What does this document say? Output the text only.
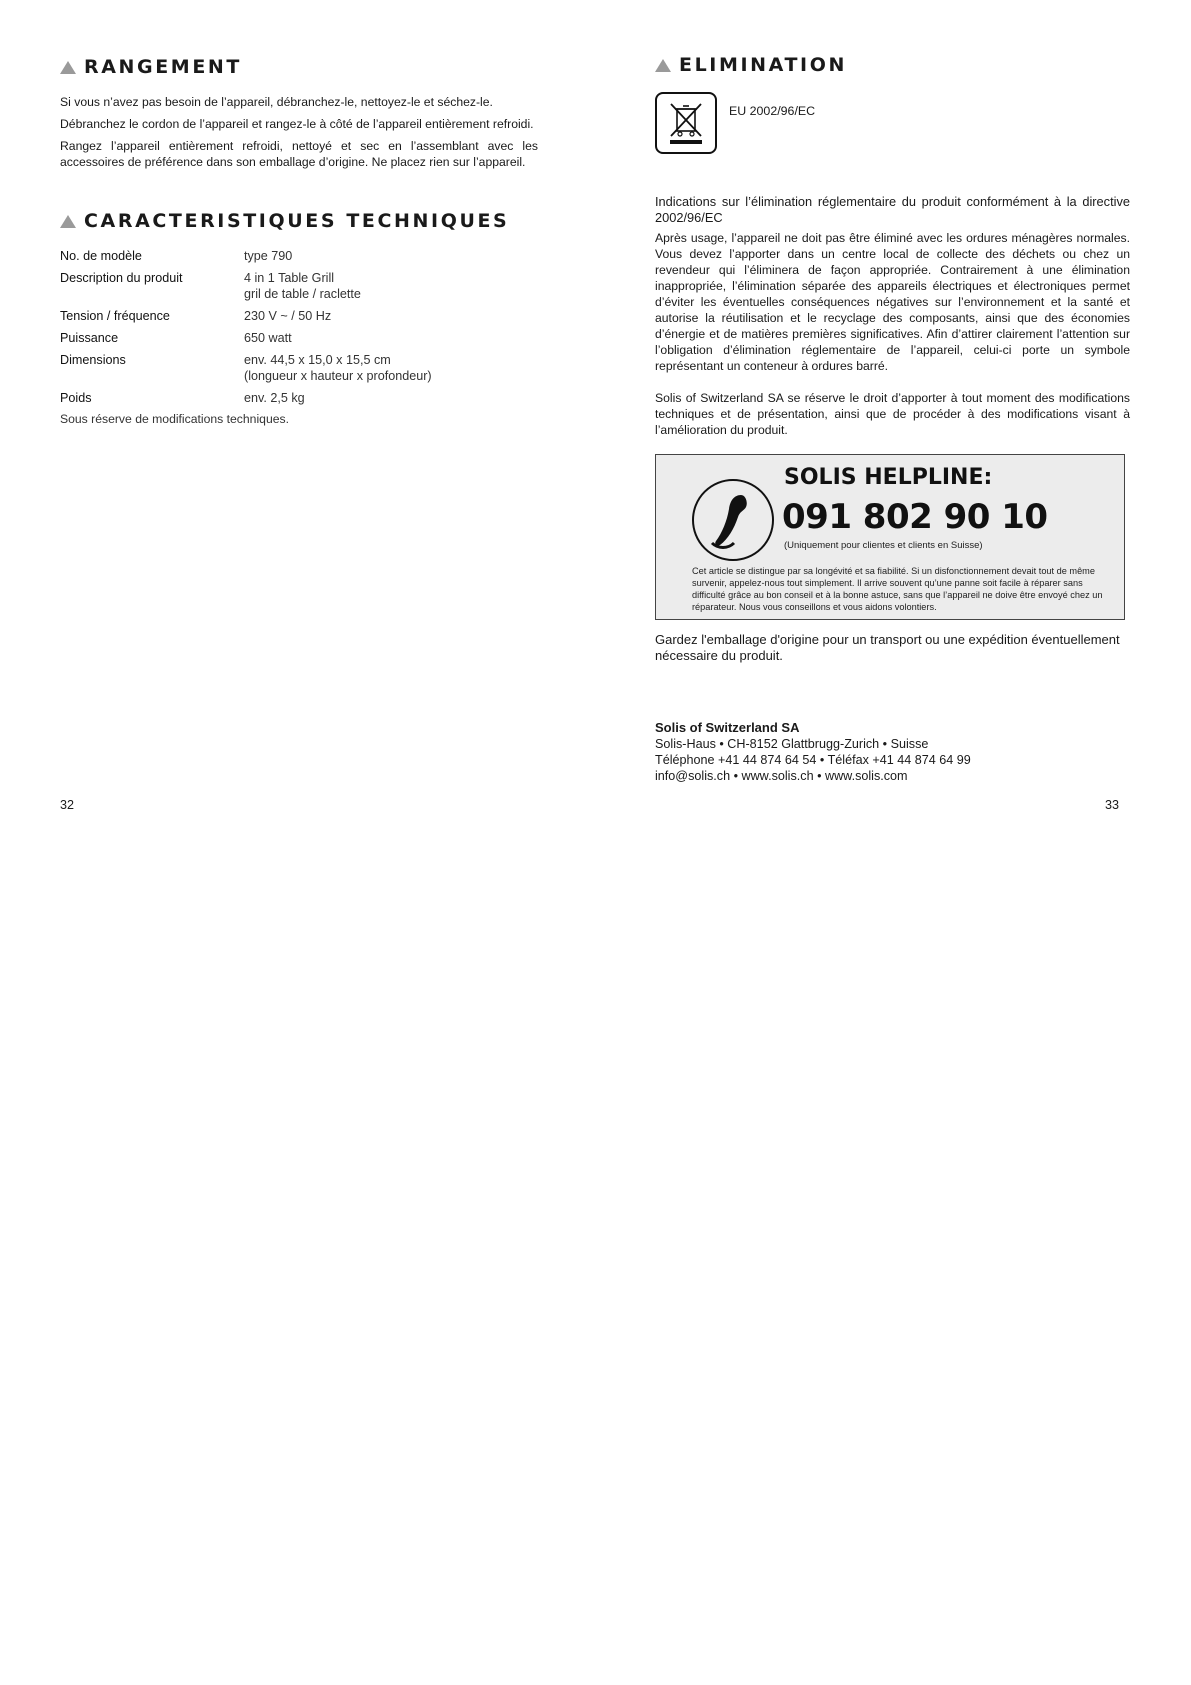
RANGEMENT

Si vous n’avez pas besoin de l’appareil, débranchez-le, nettoyez-le et séchez-le.

Débranchez le cordon de l’appareil et rangez-le à côté de l’appareil entièrement refroidi.

Rangez l’appareil entièrement refroidi, nettoyé et sec en l’assemblant avec les accessoires de préférence dans son emballage d’origine. Ne placez rien sur l’appareil.

CARACTERISTIQUES TECHNIQUES
No. de modèle	type 790
Description du produit	4 in 1 Table Grill
gril de table / raclette
Tension / fréquence	230 V ~ / 50 Hz
Puissance	650 watt
Dimensions	env. 44,5 x 15,0 x 15,5 cm
(longueur x hauteur x profondeur)
Poids	env. 2,5 kg
Sous réserve de modifications techniques.
ELIMINATION
EU 2002/96/EC

Indications sur l’élimination réglementaire du produit conformément à la directive 2002/96/EC

Après usage, l’appareil ne doit pas être éliminé avec les ordures ménagères normales. Vous devez l’apporter dans un centre local de collecte des déchets ou chez un revendeur qui l’éliminera de façon appropriée. Contrairement à une élimination inappropriée, l’élimination séparée des appareils électriques et électroniques permet d’éviter les éventuelles conséquences négatives sur l’environnement et la santé et autorise la réutilisation et le recyclage des composants, ainsi que des économies d’énergie et de matières premières significatives. Afin d’attirer clairement l’attention sur l’obligation d’élimination réglementaire de l’appareil, celui-ci porte un symbole représentant un conteneur à ordures barré.

Solis of Switzerland SA se réserve le droit d’apporter à tout moment des modifications techniques et de présentation, ainsi que de procéder à des modifications visant à l’amélioration du produit.

SOLIS HELPLINE:
091 802 90 10
(Uniquement pour clientes et clients en Suisse)
Cet article se distingue par sa longévité et sa fiabilité. Si un disfonctionnement devait tout de même survenir, appelez-nous tout simplement. Il arrive souvent qu’une panne soit facile à réparer sans difficulté grâce au bon conseil et à la bonne astuce, sans que l’appareil ne doive être envoyé chez un réparateur. Nous vous conseillons et vous aidons volontiers.

Gardez l'emballage d'origine pour un transport ou une expédition éventuellement nécessaire du produit.

Solis of Switzerland SA
Solis-Haus • CH-8152 Glattbrugg-Zurich • Suisse
Téléphone +41 44 874 64 54 • Téléfax +41 44 874 64 99
info@solis.ch • www.solis.ch • www.solis.com
32	33
